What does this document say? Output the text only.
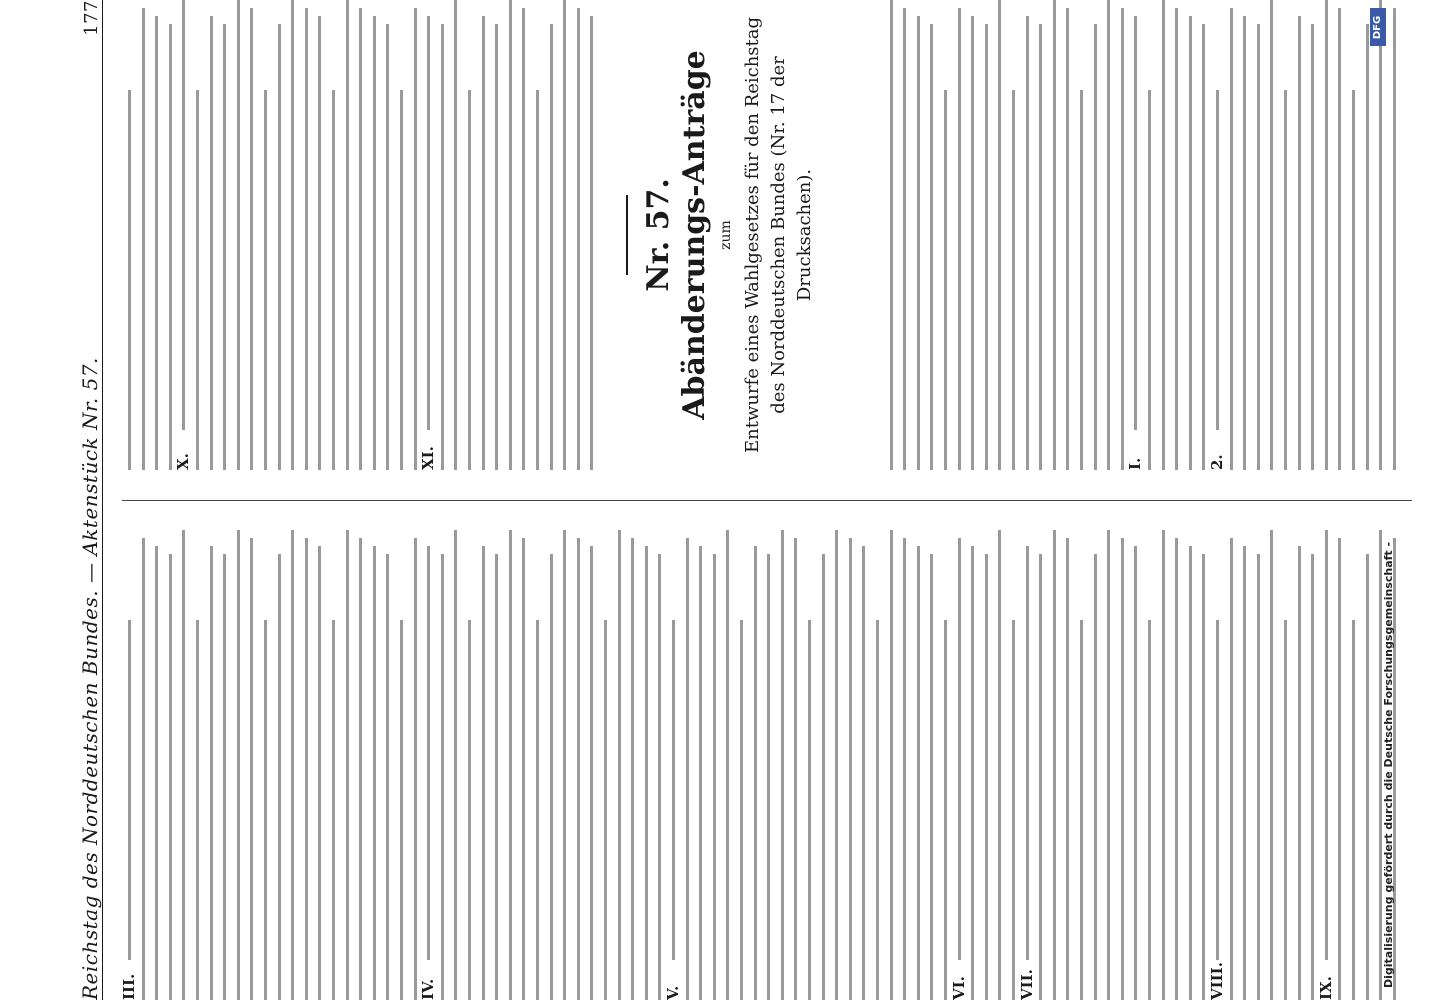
Reichstag des Norddeutschen Bundes. — Aktenstück Nr. 57.
177
III.	IV.	V.	VI.	VII.	VIII.	IX.
X.	XI.	I.	2.
Nr. 57. Abänderungs-Anträge zum Entwurfe eines Wahlgesetzes für den Reichstag des Norddeutschen Bundes (Nr. 17 der Drucksachen).
DFG
Digitalisierung gefördert durch die Deutsche Forschungsgemeinschaft -
